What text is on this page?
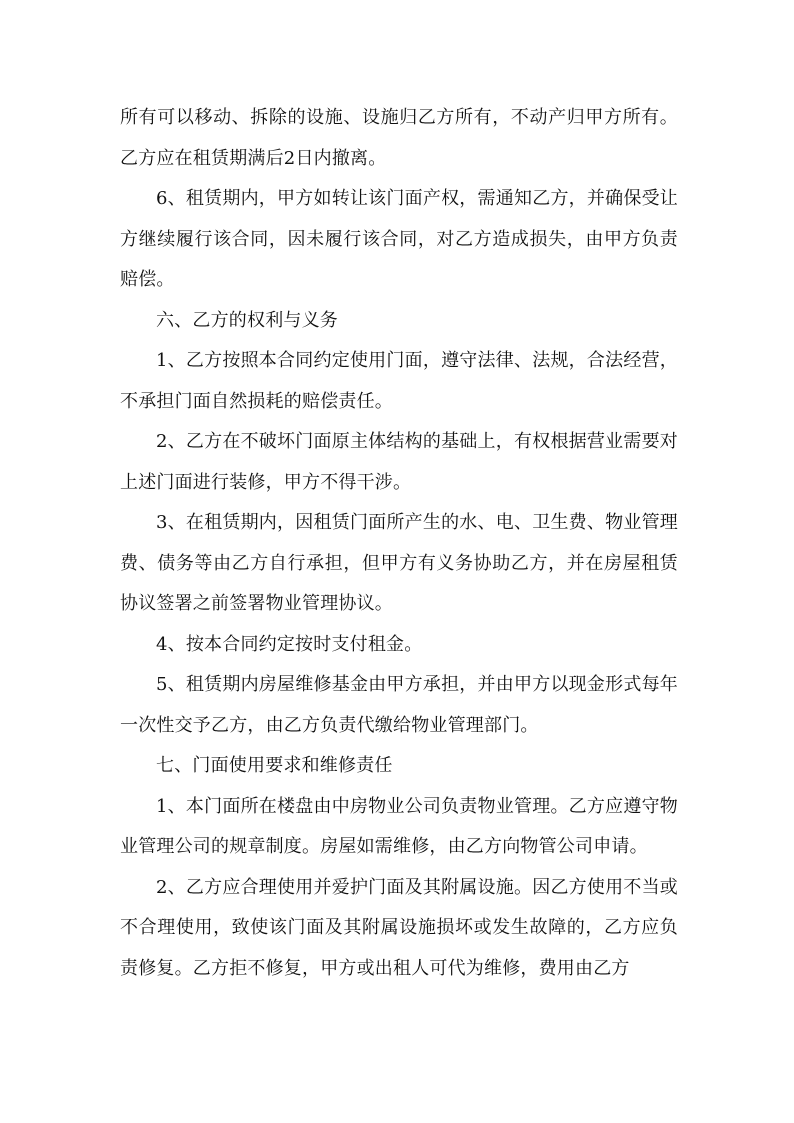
所有可以移动、拆除的设施、设施归乙方所有，不动产归甲方所有。乙方应在租赁期满后2日内撤离。

6、租赁期内，甲方如转让该门面产权，需通知乙方，并确保受让方继续履行该合同，因未履行该合同，对乙方造成损失，由甲方负责赔偿。

六、乙方的权利与义务

1、乙方按照本合同约定使用门面，遵守法律、法规，合法经营，不承担门面自然损耗的赔偿责任。

2、乙方在不破坏门面原主体结构的基础上，有权根据营业需要对上述门面进行装修，甲方不得干涉。

3、在租赁期内，因租赁门面所产生的水、电、卫生费、物业管理费、债务等由乙方自行承担，但甲方有义务协助乙方，并在房屋租赁协议签署之前签署物业管理协议。

4、按本合同约定按时支付租金。

5、租赁期内房屋维修基金由甲方承担，并由甲方以现金形式每年一次性交予乙方，由乙方负责代缴给物业管理部门。

七、门面使用要求和维修责任

1、本门面所在楼盘由中房物业公司负责物业管理。乙方应遵守物业管理公司的规章制度。房屋如需维修，由乙方向物管公司申请。

2、乙方应合理使用并爱护门面及其附属设施。因乙方使用不当或不合理使用，致使该门面及其附属设施损坏或发生故障的，乙方应负责修复。乙方拒不修复，甲方或出租人可代为维修，费用由乙方
